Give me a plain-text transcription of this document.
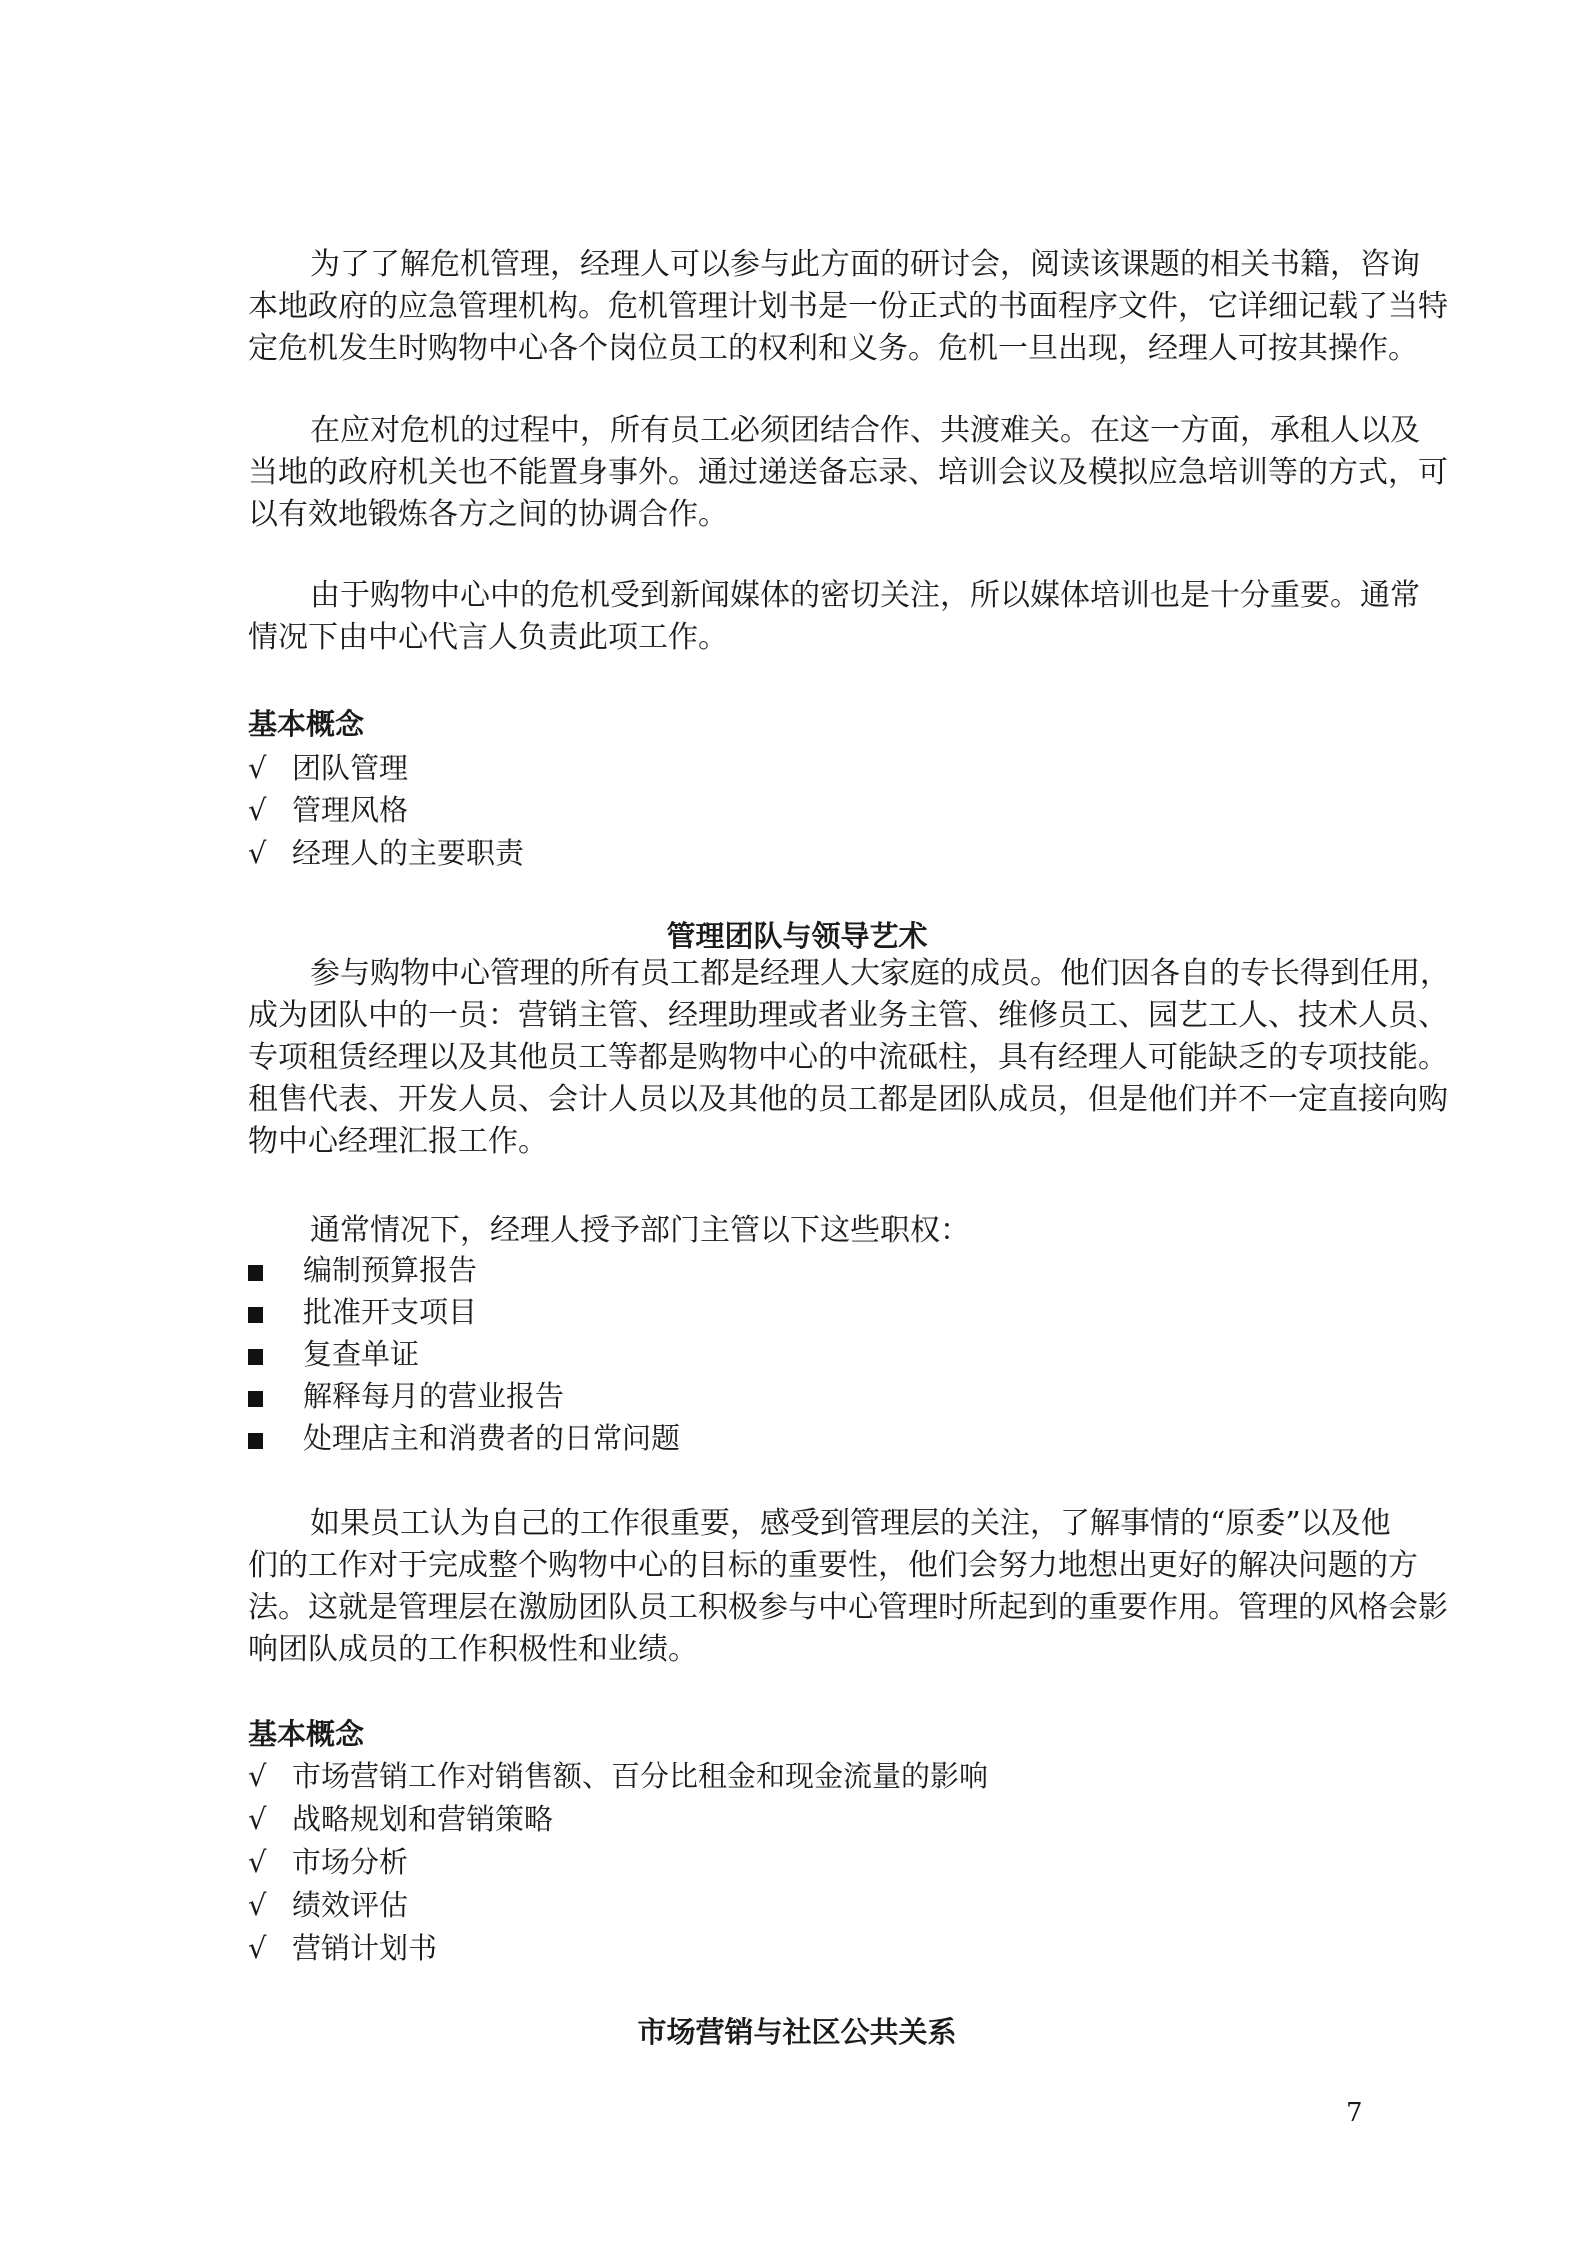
为了了解危机管理，经理人可以参与此方面的研讨会，阅读该课题的相关书籍，咨询
本地政府的应急管理机构。危机管理计划书是一份正式的书面程序文件，它详细记载了当特
定危机发生时购物中心各个岗位员工的权利和义务。危机一旦出现，经理人可按其操作。
在应对危机的过程中，所有员工必须团结合作、共渡难关。在这一方面，承租人以及
当地的政府机关也不能置身事外。通过递送备忘录、培训会议及模拟应急培训等的方式，可
以有效地锻炼各方之间的协调合作。
由于购物中心中的危机受到新闻媒体的密切关注，所以媒体培训也是十分重要。通常
情况下由中心代言人负责此项工作。
基本概念
√ 团队管理
√ 管理风格
√ 经理人的主要职责
管理团队与领导艺术
参与购物中心管理的所有员工都是经理人大家庭的成员。他们因各自的专长得到任用，
成为团队中的一员：营销主管、经理助理或者业务主管、维修员工、园艺工人、技术人员、
专项租赁经理以及其他员工等都是购物中心的中流砥柱，具有经理人可能缺乏的专项技能。
租售代表、开发人员、会计人员以及其他的员工都是团队成员，但是他们并不一定直接向购
物中心经理汇报工作。
通常情况下，经理人授予部门主管以下这些职权：
编制预算报告
批准开支项目
复查单证
解释每月的营业报告
处理店主和消费者的日常问题
如果员工认为自己的工作很重要，感受到管理层的关注，了解事情的“原委”以及他
们的工作对于完成整个购物中心的目标的重要性，他们会努力地想出更好的解决问题的方
法。这就是管理层在激励团队员工积极参与中心管理时所起到的重要作用。管理的风格会影
响团队成员的工作积极性和业绩。
基本概念
√ 市场营销工作对销售额、百分比租金和现金流量的影响
√ 战略规划和营销策略
√ 市场分析
√ 绩效评估
√ 营销计划书
市场营销与社区公共关系
7
